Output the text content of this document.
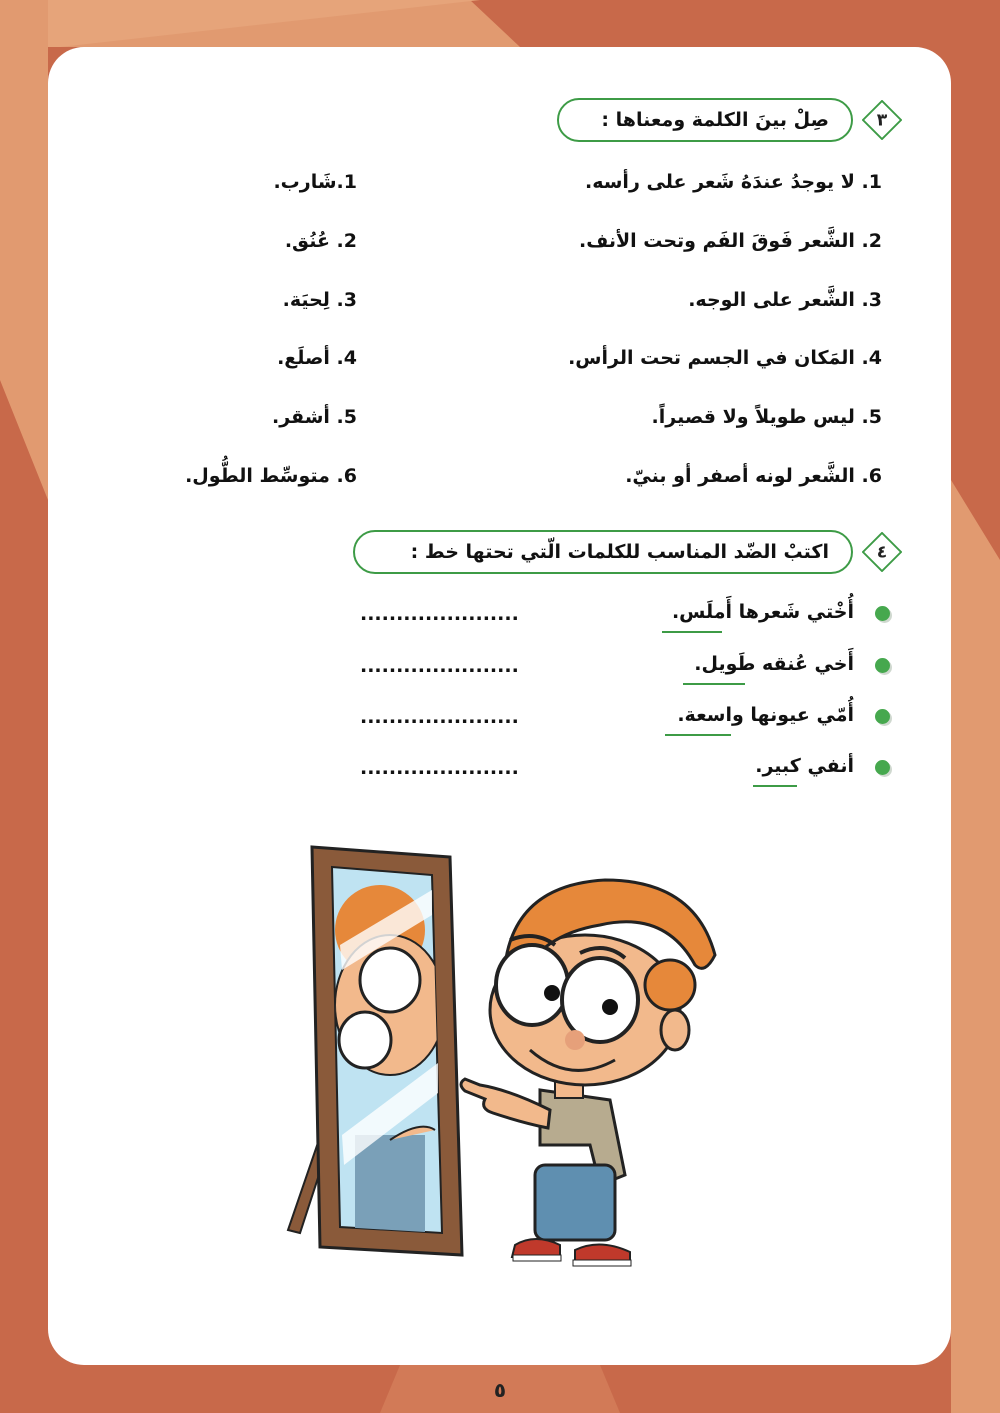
٣
صِلْ بينَ الكلمة ومعناها :
1. لا يوجدُ عندَهُ شَعر على رأسه.
2. الشَّعر فَوقَ الفَم وتحت الأنف.
3. الشَّعر على الوجه.
4. المَكان في الجسم تحت الرأس.
5. ليس طويلاً ولا قصيراً.
6. الشَّعر لونه أصفر أو بنيّ.
1.شَارب.
2. عُنُق.
3. لِحيَة.
4. أصلَع.
5. أشقر.
6. متوسِّط الطُّول.
٤
اكتبْ الضّد المناسب للكلمات الّتي تحتها خط :
أُخْتي شَعرها أَملَس.
......................
أَخي عُنقه طَويل.
......................
أُمّي عيونها واسعة.
......................
أنفي كبير.
......................
٥
